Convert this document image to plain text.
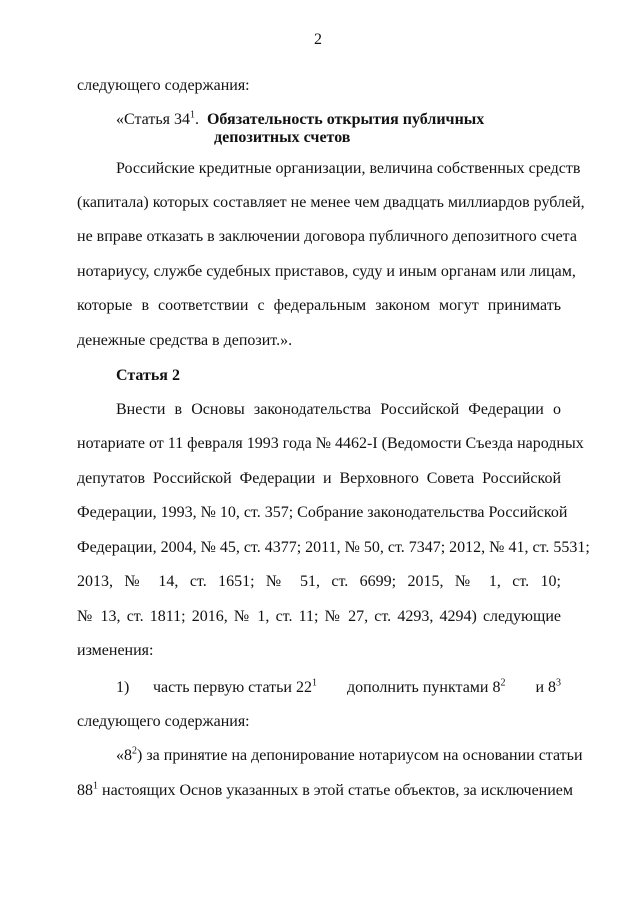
2
следующего содержания:
«Статья $34^1$. Обязательность открытия публичных
депозитных счетов
Российские кредитные организации, величина собственных средств
(капитала) которых составляет не менее чем двадцать миллиардов рублей,
не вправе отказать в заключении договора публичного депозитного счета
нотариусу, службе судебных приставов, суду и иным органам или лицам,
которые в соответствии с федеральным законом могут принимать
денежные средства в депозит.».
Статья 2
Внести в Основы законодательства Российской Федерации о
нотариате от 11 февраля 1993 года № 4462-I (Ведомости Съезда народных
депутатов Российской Федерации и Верховного Совета Российской
Федерации, 1993, № 10, ст. 357; Собрание законодательства Российской
Федерации, 2004, № 45, ст. 4377; 2011, № 50, ст. 7347; 2012, № 41, ст. 5531;
2013, № 14, ст. 1651; № 51, ст. 6699; 2015, № 1, ст. 10;
№ 13, ст. 1811; 2016, № 1, ст. 11; № 27, ст. 4293, 4294) следующие
изменения:
1) часть первую статьи $22^1$ дополнить пунктами $8^2$ и $8^3$
следующего содержания:
«$8^2$) за принятие на депонирование нотариусом на основании статьи
$88^1$ настоящих Основ указанных в этой статье объектов, за исключением
